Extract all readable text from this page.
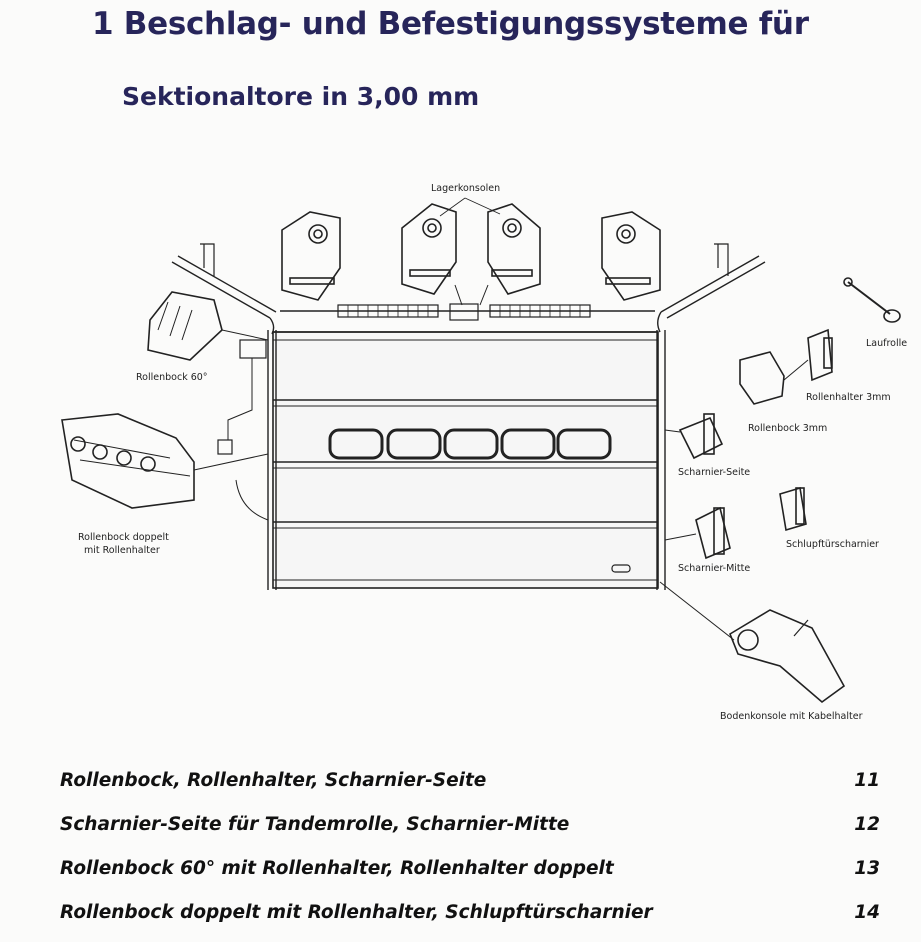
1 Beschlag- und Befestigungssysteme für
Sektionaltore in 3,00 mm
Lagerkonsolen
Laufrolle
Rollenbock 60°
Rollenhalter 3mm
Rollenbock 3mm
Scharnier-Seite
Schlupftürscharnier
Scharnier-Mitte
Rollenbock doppelt
mit Rollenhalter
Bodenkonsole mit Kabelhalter
Rollenbock, Rollenhalter, Scharnier-Seite	11
Scharnier-Seite für Tandemrolle, Scharnier-Mitte	12
Rollenbock 60° mit Rollenhalter, Rollenhalter doppelt	13
Rollenbock doppelt mit Rollenhalter, Schlupftürscharnier	14
